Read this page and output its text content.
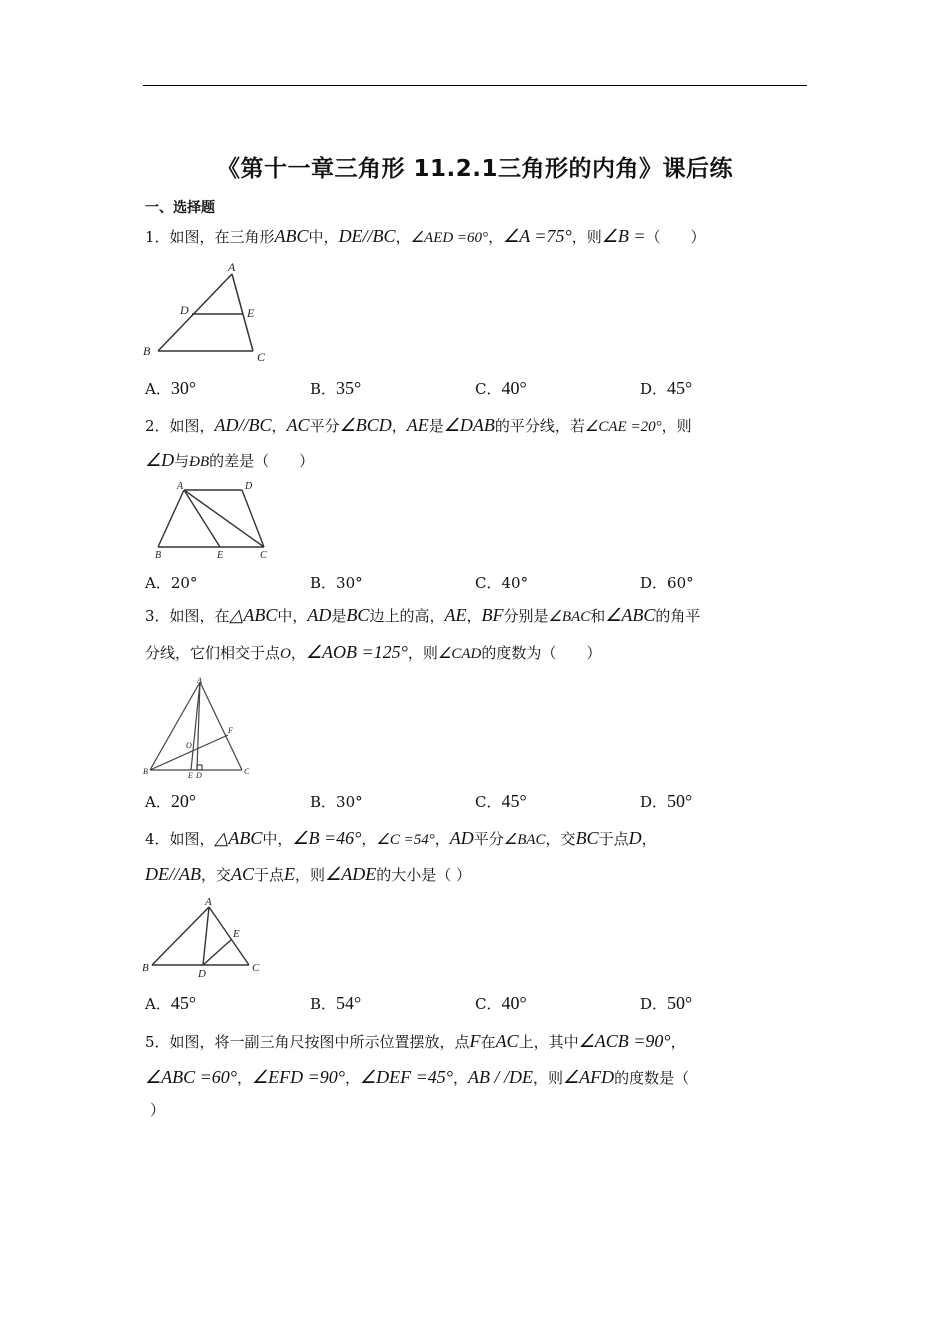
《第十一章三角形 11.2.1三角形的内角》课后练
一、选择题
1．如图，在三角形ABC中，DE//BC，∠AED =60°，∠A =75°，则∠B =（　　）
A
D	E
B	C
A．30°	B．35°	C．40°	D．45°
2．如图，AD//BC，AC平分∠BCD，AE是∠DAB的平分线，若∠CAE =20°，则
∠D与ÐB的差是（　　）
A	D
B	E	C
A．20°	B．30°	C．40°	D．60°
3．如图，在△ABC中，AD是BC边上的高，AE，BF分别是∠BAC和∠ABC的角平
分线，它们相交于点O，∠AOB =125°，则∠CAD的度数为（　　）
A
F
O
B	E D	C
A．20°	B．30°	C．45°	D．50°
4．如图，△ABC中，∠B =46°，∠C =54°，AD平分∠BAC，交BC于点D，
DE//AB，交AC于点E，则∠ADE的大小是（ ）
A
E
B	D	C
A．45°	B．54°	C．40°	D．50°
5．如图，将一副三角尺按图中所示位置摆放，点F在AC上，其中∠ACB =90°，
∠ABC =60°，∠EFD =90°，∠DEF =45°，AB / /DE，则∠AFD的度数是（
）
